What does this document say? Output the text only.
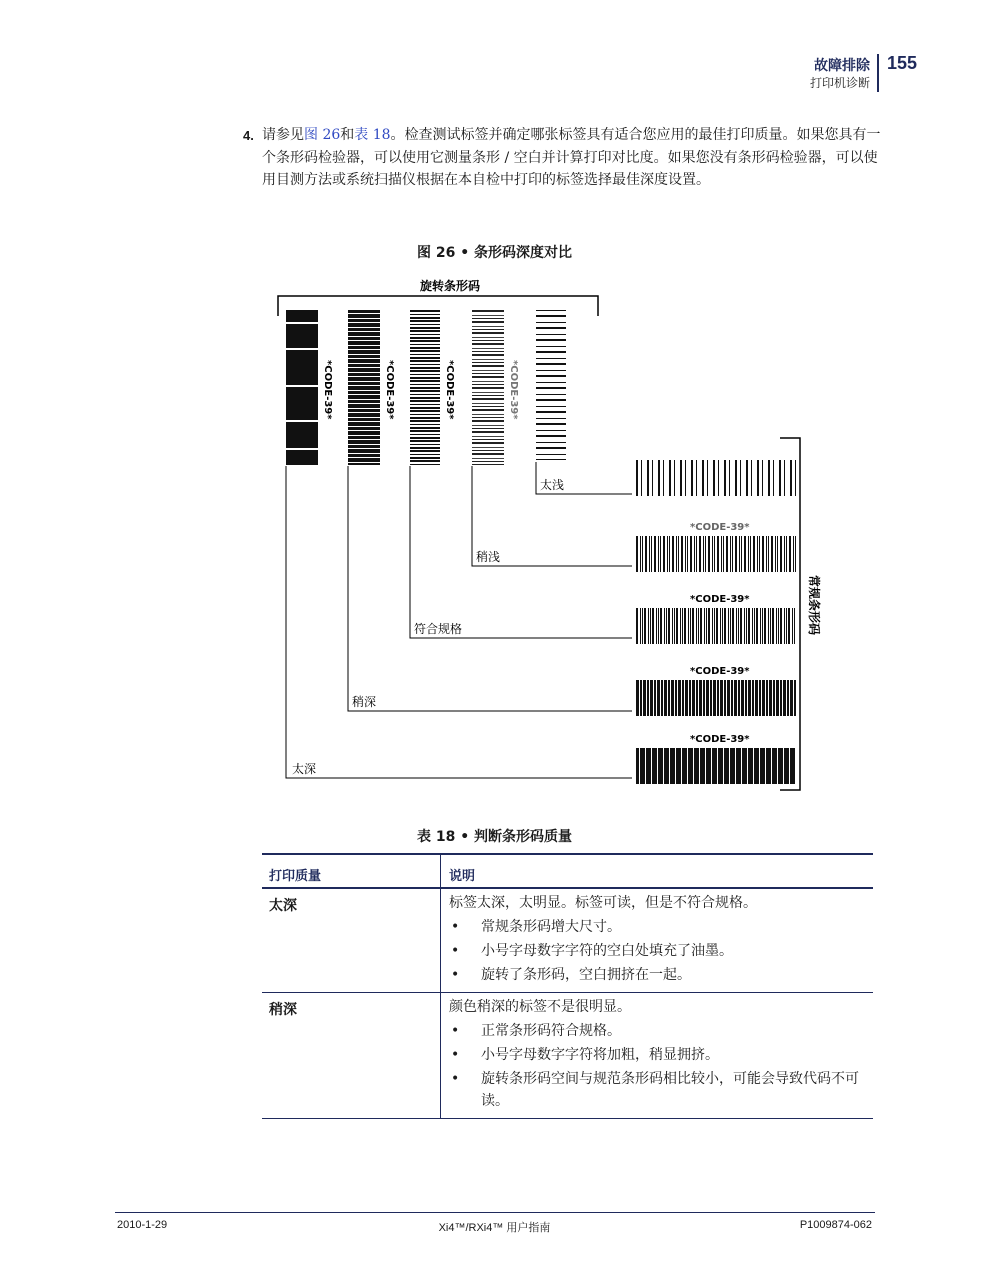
故障排除
打印机诊断
155
4. 请参见图 26和表 18。检查测试标签并确定哪张标签具有适合您应用的最佳打印质量。如果您具有一个条形码检验器，可以使用它测量条形 / 空白并计算打印对比度。如果您没有条形码检验器，可以使用目测方法或系统扫描仪根据在本自检中打印的标签选择最佳深度设置。
图 26 • 条形码深度对比
旋转条形码
*CODE-39*	*CODE-39*	*CODE-39*	*CODE-39*
太浅
稍浅
符合规格
稍深
太深
*CODE-39*
*CODE-39*
*CODE-39*
*CODE-39*
常规条形码
表 18 • 判断条形码质量
打印质量	说明
太深	标签太深，太明显。标签可读，但是不符合规格。
•	常规条形码增大尺寸。
•	小号字母数字字符的空白处填充了油墨。
•	旋转了条形码，空白拥挤在一起。
稍深	颜色稍深的标签不是很明显。
•	正常条形码符合规格。
•	小号字母数字字符将加粗，稍显拥挤。
•	旋转条形码空间与规范条形码相比较小，可能会导致代码不可读。
2010-1-29	Xi4™/RXi4™ 用户指南	P1009874-062
